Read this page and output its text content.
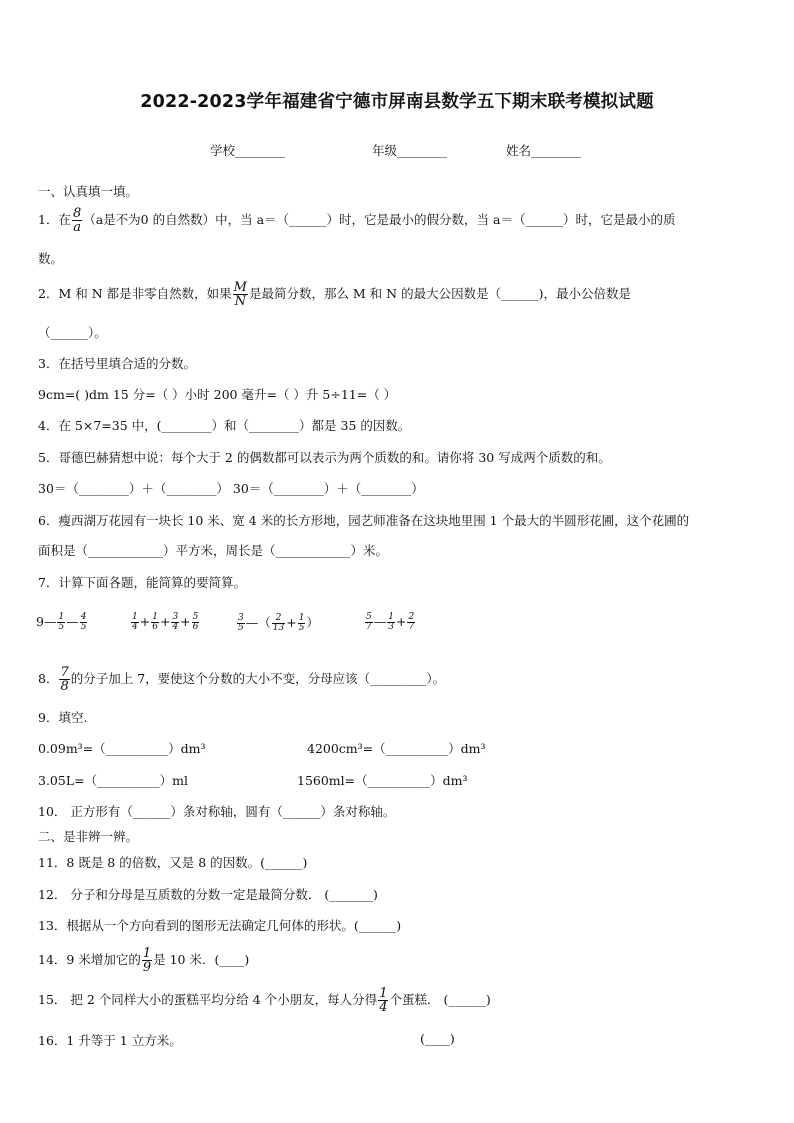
2022-2023学年福建省宁德市屏南县数学五下期末联考模拟试题
学校________	年级________	姓名________
一、认真填一填。
1．在 $\frac{8}{a} (a$是不为0 的自然数）中，当 a＝（______）时，它是最小的假分数，当 a＝（______）时，它是最小的质
数。
2．M 和 N 都是非零自然数，如果 $\frac{M}{N}$ 是最简分数，那么 M 和 N 的最大公因数是（______)，最小公倍数是
（______）。
3．在括号里填合适的分数。
9cm=( )dm 15 分=（ ）小时 200 毫升=（ ）升 5÷11=（ ）
4．在 5×7=35 中，(________）和（________）都是 35 的因数。
5．哥德巴赫猜想中说：每个大于 2 的偶数都可以表示为两个质数的和。请你将 30 写成两个质数的和。
30＝（________）＋（________） 30＝（________）＋（________）
6．瘦西湖万花园有一块长 10 米、宽 4 米的长方形地，园艺师准备在这块地里围 1 个最大的半圆形花圃，这个花圃的
面积是（____________）平方米，周长是（____________）米。
7．计算下面各题，能简算的要简算。
9— $\frac{1}{5}$ — $\frac{4}{5}$	$\frac{1}{4} + \frac{1}{6} + \frac{3}{4} + \frac{5}{6}$	$\frac{3}{5}$ —（ $\frac{2}{13} + \frac{1}{5}$ ）	$\frac{5}{7}$ — $\frac{1}{3} + \frac{2}{7}$
8． $\frac{7}{8}$ 的分子加上 7，要使这个分数的大小不变，分母应该（_________）。
9．填空.
0.09m³=（__________）dm³	4200cm³=（__________）dm³
3.05L=（__________）ml	1560ml=（__________）dm³
10． 正方形有（______）条对称轴，圆有（______）条对称轴。
二、是非辨一辨。
11．8 既是 8 的倍数，又是 8 的因数。(______)
12． 分子和分母是互质数的分数一定是最简分数． (_______)
13．根据从一个方向看到的图形无法确定几何体的形状。(______)
14．9 米增加它的 $\frac{1}{9}$ 是 10 米．(____)
15． 把 2 个同样大小的蛋糕平均分给 4 个小朋友，每人分得 $\frac{1}{4}$ 个蛋糕． (______)
16．1 升等于 1 立方米。	(____)
